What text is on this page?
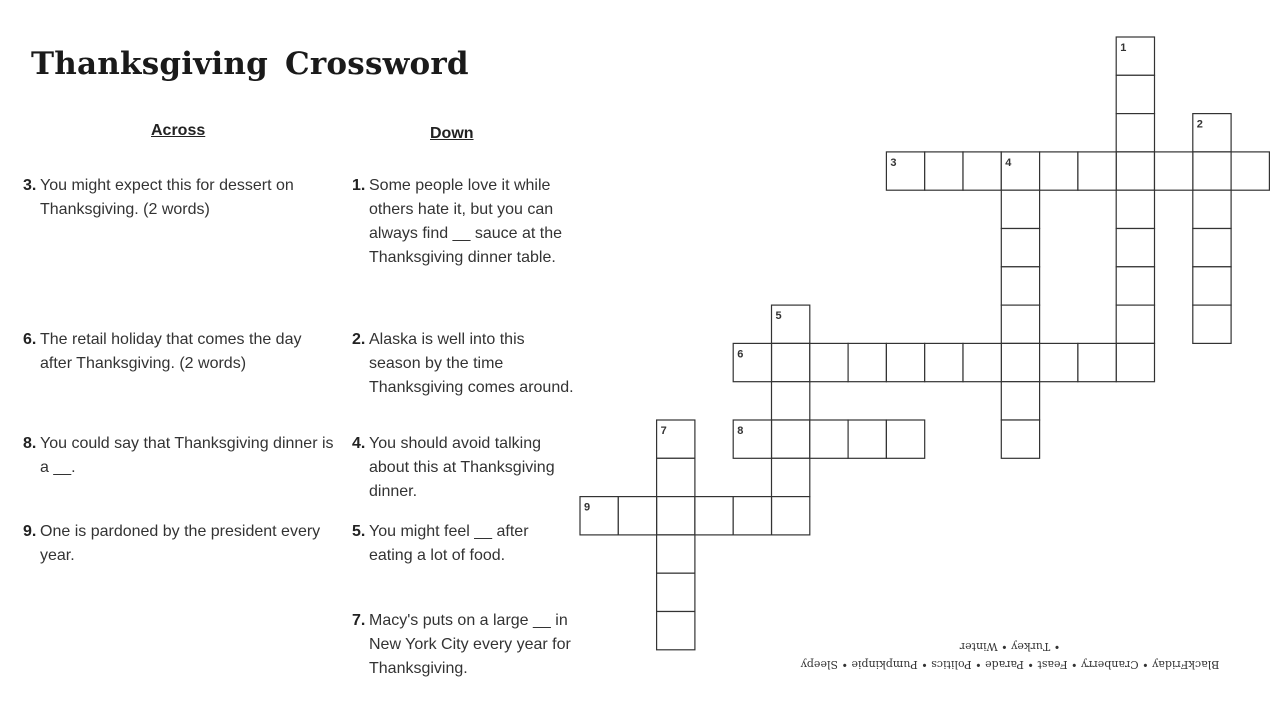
Thanksgiving Crossword
Across	Down
3. You might expect this for dessert on Thanksgiving. (2 words)
6. The retail holiday that comes the day after Thanksgiving. (2 words)
8. You could say that Thanksgiving dinner is a __.
9. One is pardoned by the president every year.
1. Some people love it while others hate it, but you can always find __ sauce at the Thanksgiving dinner table.
2. Alaska is well into this season by the time Thanksgiving comes around.
4. You should avoid talking about this at Thanksgiving dinner.
5. You might feel __ after eating a lot of food.
7. Macy's puts on a large __ in New York City every year for Thanksgiving.
1
2
3	4
5
6
7	8
9
BlackFriday • Cranberry • Feast • Parade • Politics • Pumpkinpie • Sleepy
• Turkey • Winter
